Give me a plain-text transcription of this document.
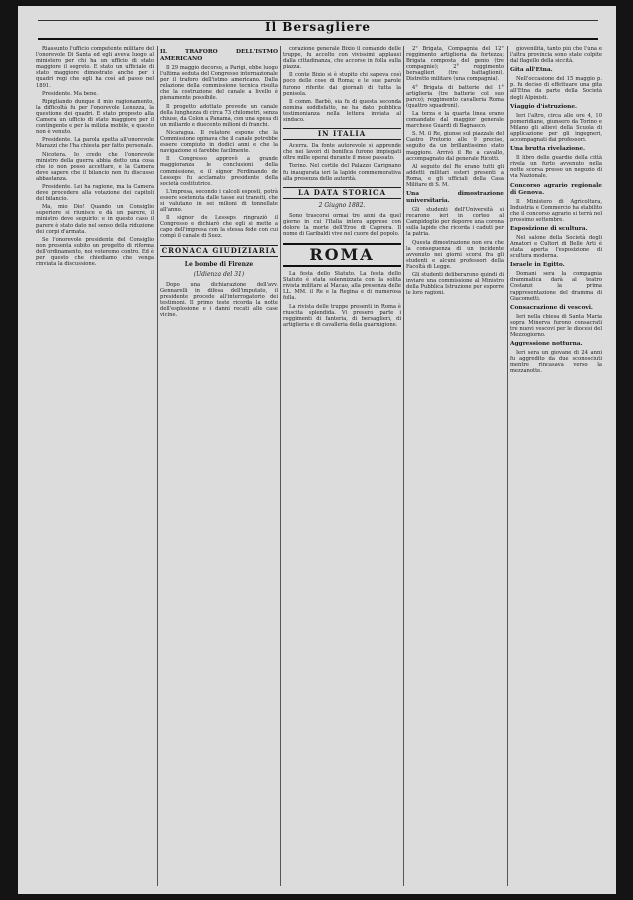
Il Bersagliere

Riassunto l'ufficio competente militare del l'onorevole Di Santa ed egli aveva luogo al ministero per chi ha un ufficio di stato maggiore il segreto. E stato un ufficiale di stato maggiore dimostrato anche per i quadri regi che egli ha così ad passo nel 1891.

Presidente. Ma bene.

Ripigliando dunque il mio ragionamento, la difficoltà fu per l'onorevole Lenuzza, la questione dei quadri. È stato proposto alla Camera un ufficio di stato maggiore per il contingente e per la milizia mobile, e questo non è venuto.

Presidente. La parola spetta all'onorevole Marazzi che l'ha chiesta per fatto personale.

Nicotera. Io credo che l'onorevole ministro della guerra abbia detto una cosa che io non posso accettare, e la Camera deve sapere che il bilancio non fu discusso abbastanza.

Presidente. Lei ha ragione, ma la Camera deve procedere alla votazione dei capitoli del bilancio.

Ma, mio Dio! Quando un Consiglio superiore si riunisce e dà un parere, il ministro deve seguirlo: e in questo caso il parere è stato dato nel senso della riduzione dei corpi d'armata.

Se l'onorevole presidente del Consiglio non presenta subito un progetto di riforma dell'ordinamento, noi voteremo contro. Ed è per questo che chiediamo che venga rinviata la discussione.

IL TRAFORO DELL'ISTMO AMERICANO

Il 29 maggio decorso, a Parigi, ebbe luogo l'ultima seduta del Congresso internazionale per il traforo dell'istmo americano. Dalla relazione della commissione tecnica risulta che la costruzione del canale a livello è pienamente possibile.

Il progetto adottato prevede un canale della lunghezza di circa 73 chilometri, senza chiuse, da Colon a Panama, con una spesa di un miliardo e duecento milioni di franchi.

Nicaragua. Il relatore espone che la Commissione opinava che il canale potrebbe essere compiuto in dodici anni e che la navigazione si farebbe facilmente.

Il Congresso approvò a grande maggioranza le conclusioni della commissione, e il signor Ferdinando de Lesseps fu acclamato presidente della società costitutrice.

L'impresa, secondo i calcoli esposti, potrà essere sostenuta dalle tasse sui transiti, che si valutano in sei milioni di tonnellate all'anno.

Il signor de Lesseps ringraziò il Congresso e dichiarò che egli si mette a capo dell'impresa con la stessa fede con cui compì il canale di Suez.

CRONACA GIUDIZIARIA
Le bombe di Firenze
(Udienza del 31)

Dopo una dichiarazione dell'avv. Gennarelli in difesa dell'imputato, il presidente procede all'interrogatorio dei testimoni. Il primo teste ricorda la notte dell'esplosione e i danni recati alle case vicine.

corazione generale Bixio il comando delle truppe, fu accolto con vivissimi applausi dalla cittadinanza, che accorse in folla sulla piazza.

Il conte Bixio si è stupito chi sapeva così poco delle cose di Roma; e le sue parole furono riferite dai giornali di tutta la penisola.

Il comm. Barbò, sia fu di questa seconda nomina soddisfatto, ne ha dato pubblica testimonianza nella lettera inviata al sindaco.

IN ITALIA

Acerra. Da fonte autorevole si apprende che nei lavori di bonifica furono impiegati oltre mille operai durante il mese passato.

Torino. Nel cortile del Palazzo Carignano fu inaugurata ieri la lapide commemorativa alla presenza delle autorità.

LA DATA STORICA
2 Giugno 1882.

Sono trascorsi ormai tre anni da quel giorno in cui l'Italia intera apprese con dolore la morte dell'Eroe di Caprera. Il nome di Garibaldi vive nel cuore del popolo.

ROMA

La festa dello Statuto. La festa dello Statuto è stata solennizzata con la solita rivista militare al Macao, alla presenza delle LL. MM. il Re e la Regina e di numerosa folla.

La rivista delle truppe presenti in Roma è riuscita splendida. Vi presero parte i reggimenti di fanteria, di bersaglieri, di artiglieria e di cavalleria della guarnigione.

2° Brigata, Compagnia del 12° reggimento artiglieria da fortezza; Brigata composta del genio (tre compagnie); 2° reggimento bersaglieri (tre battaglioni). Distretto militare (una compagnia).

4° Brigata di batterie del 1° artiglieria (tre batterie col suo parco); reggimento cavalleria Roma (quattro squadroni).

La terza e la quarta linea erano comandate dal maggior generale marchese Guardi di Bagnasco.

S. M. il Re, giunse sul piazzale del Castro Pretorio alle 9 precise, seguito da un brillantissimo stato maggiore. Arrivò il Re a cavallo, accompagnato dal generale Ricotti.

Al seguito del Re erano tutti gli addetti militari esteri presenti a Roma, e gli ufficiali della Casa Militare di S. M.

Una dimostrazione universitaria.

Gli studenti dell'Università si recarono ieri in corteo al Campidoglio per deporre una corona sulla lapide che ricorda i caduti per la patria.

Questa dimostrazione non era che la conseguenza di un incidente avvenuto nei giorni scorsi fra gli studenti e alcuni professori della Facoltà di Legge.

Gli studenti deliberarono quindi di inviare una commissione al Ministro della Pubblica Istruzione per esporre le loro ragioni.

giovenilità, tanto più che l'una e l'altra provincia sono state colpite dal flagello della siccità.

Gita all'Etna.

Nell'occasione del 15 maggio p. p. fu deciso di effettuare una gita all'Etna da parte della Società degli Alpinisti.

Viaggio d'istruzione.

Ieri l'altro, circa alle ore 4, 10 pomeridiane, giunsero da Torino e Milano gli allievi della Scuola di applicazione per gli ingegneri, accompagnati dai professori.

Una brutta rivelazione.

Il libro delle guardie della città rivela un furto avvenuto nella notte scorsa presso un negozio di via Nazionale.

Concorso agrario regionale di Genova.

Il Ministero di Agricoltura, Industria e Commercio ha stabilito che il concorso agrario si terrà nel prossimo settembre.

Esposizione di scultura.

Nel salone della Società degli Amatori e Cultori di Belle Arti è stata aperta l'esposizione di scultura moderna.

Israele in Egitto.

Domani sera la compagnia drammatica darà al teatro Costanzi la prima rappresentazione del dramma di Giacometti.

Consacrazione di vescovi.

Ieri nella chiesa di Santa Maria sopra Minerva furono consacrati tre nuovi vescovi per le diocesi del Mezzogiorno.

Aggressione notturna.

Ieri sera un giovane di 24 anni fu aggredito da due sconosciuti mentre rincasava verso la mezzanotte.
